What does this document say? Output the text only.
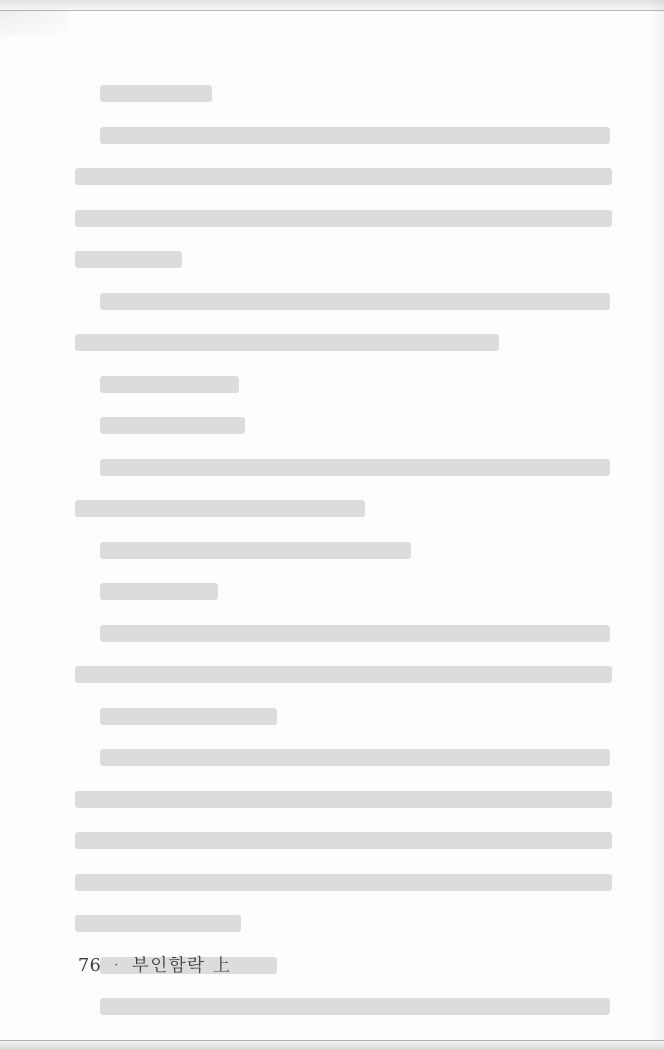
76 · 부인함락 上
